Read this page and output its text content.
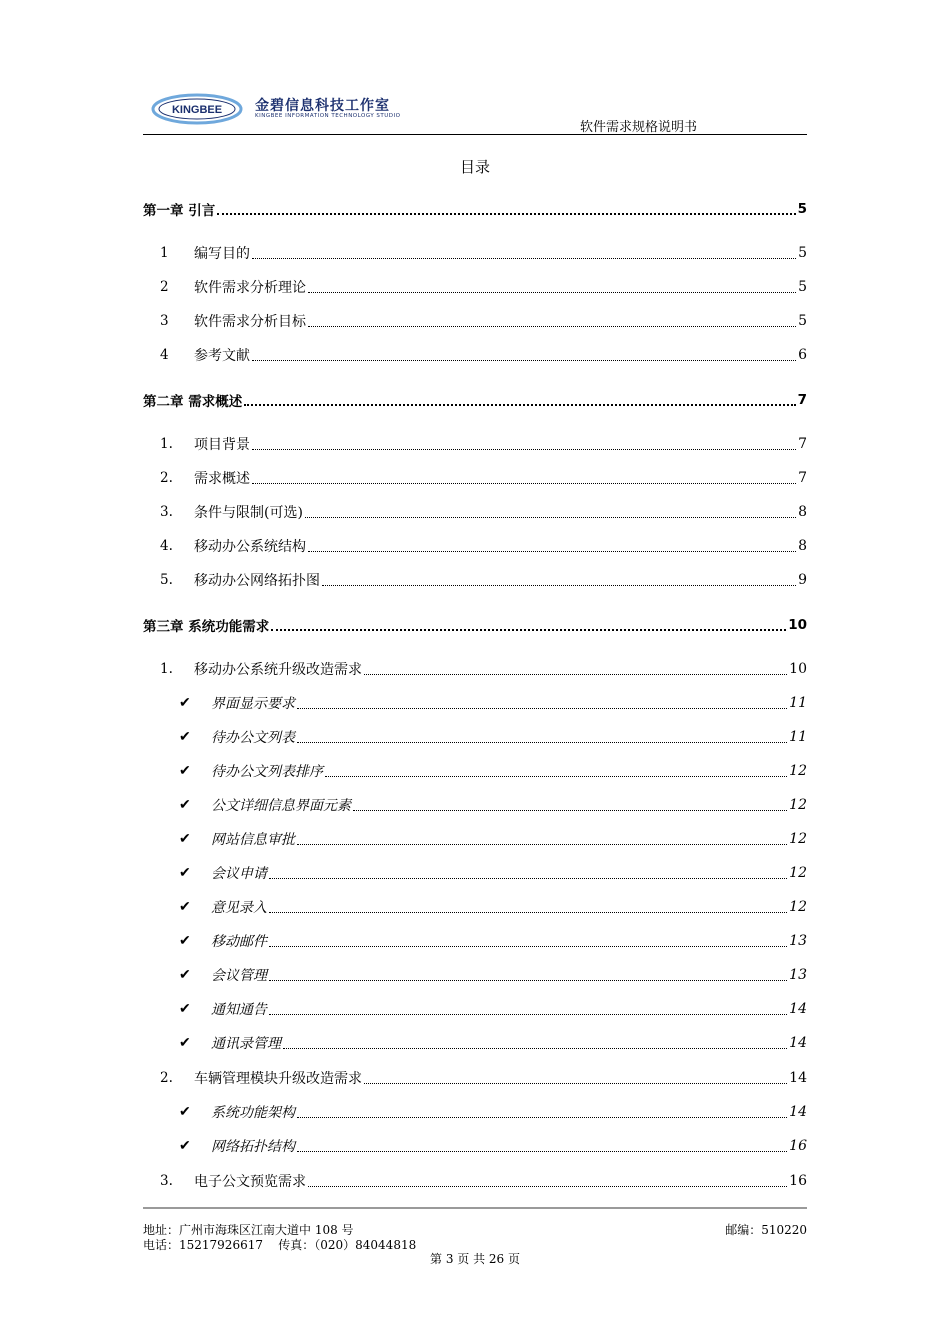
KINGBEE 金碧信息科技工作室
KINGBEE INFORMATION TECHNOLOGY STUDIO
软件需求规格说明书
目录
第一章 引言	5
1 编写目的	5
2 软件需求分析理论	5
3 软件需求分析目标	5
4 参考文献	6
第二章 需求概述	7
1. 项目背景	7
2. 需求概述	7
3. 条件与限制(可选)	8
4. 移动办公系统结构	8
5. 移动办公网络拓扑图	9
第三章 系统功能需求	10
1. 移动办公系统升级改造需求	10
✔ 界面显示要求	11
✔ 待办公文列表	11
✔ 待办公文列表排序	12
✔ 公文详细信息界面元素	12
✔ 网站信息审批	12
✔ 会议申请	12
✔ 意见录入	12
✔ 移动邮件	13
✔ 会议管理	13
✔ 通知通告	14
✔ 通讯录管理	14
2. 车辆管理模块升级改造需求	14
✔ 系统功能架构	14
✔ 网络拓扑结构	16
3. 电子公文预览需求	16
地址：广州市海珠区江南大道中 108 号	邮编：510220
电话：15217926617    传真：（020）84044818
第 3 页 共 26 页
